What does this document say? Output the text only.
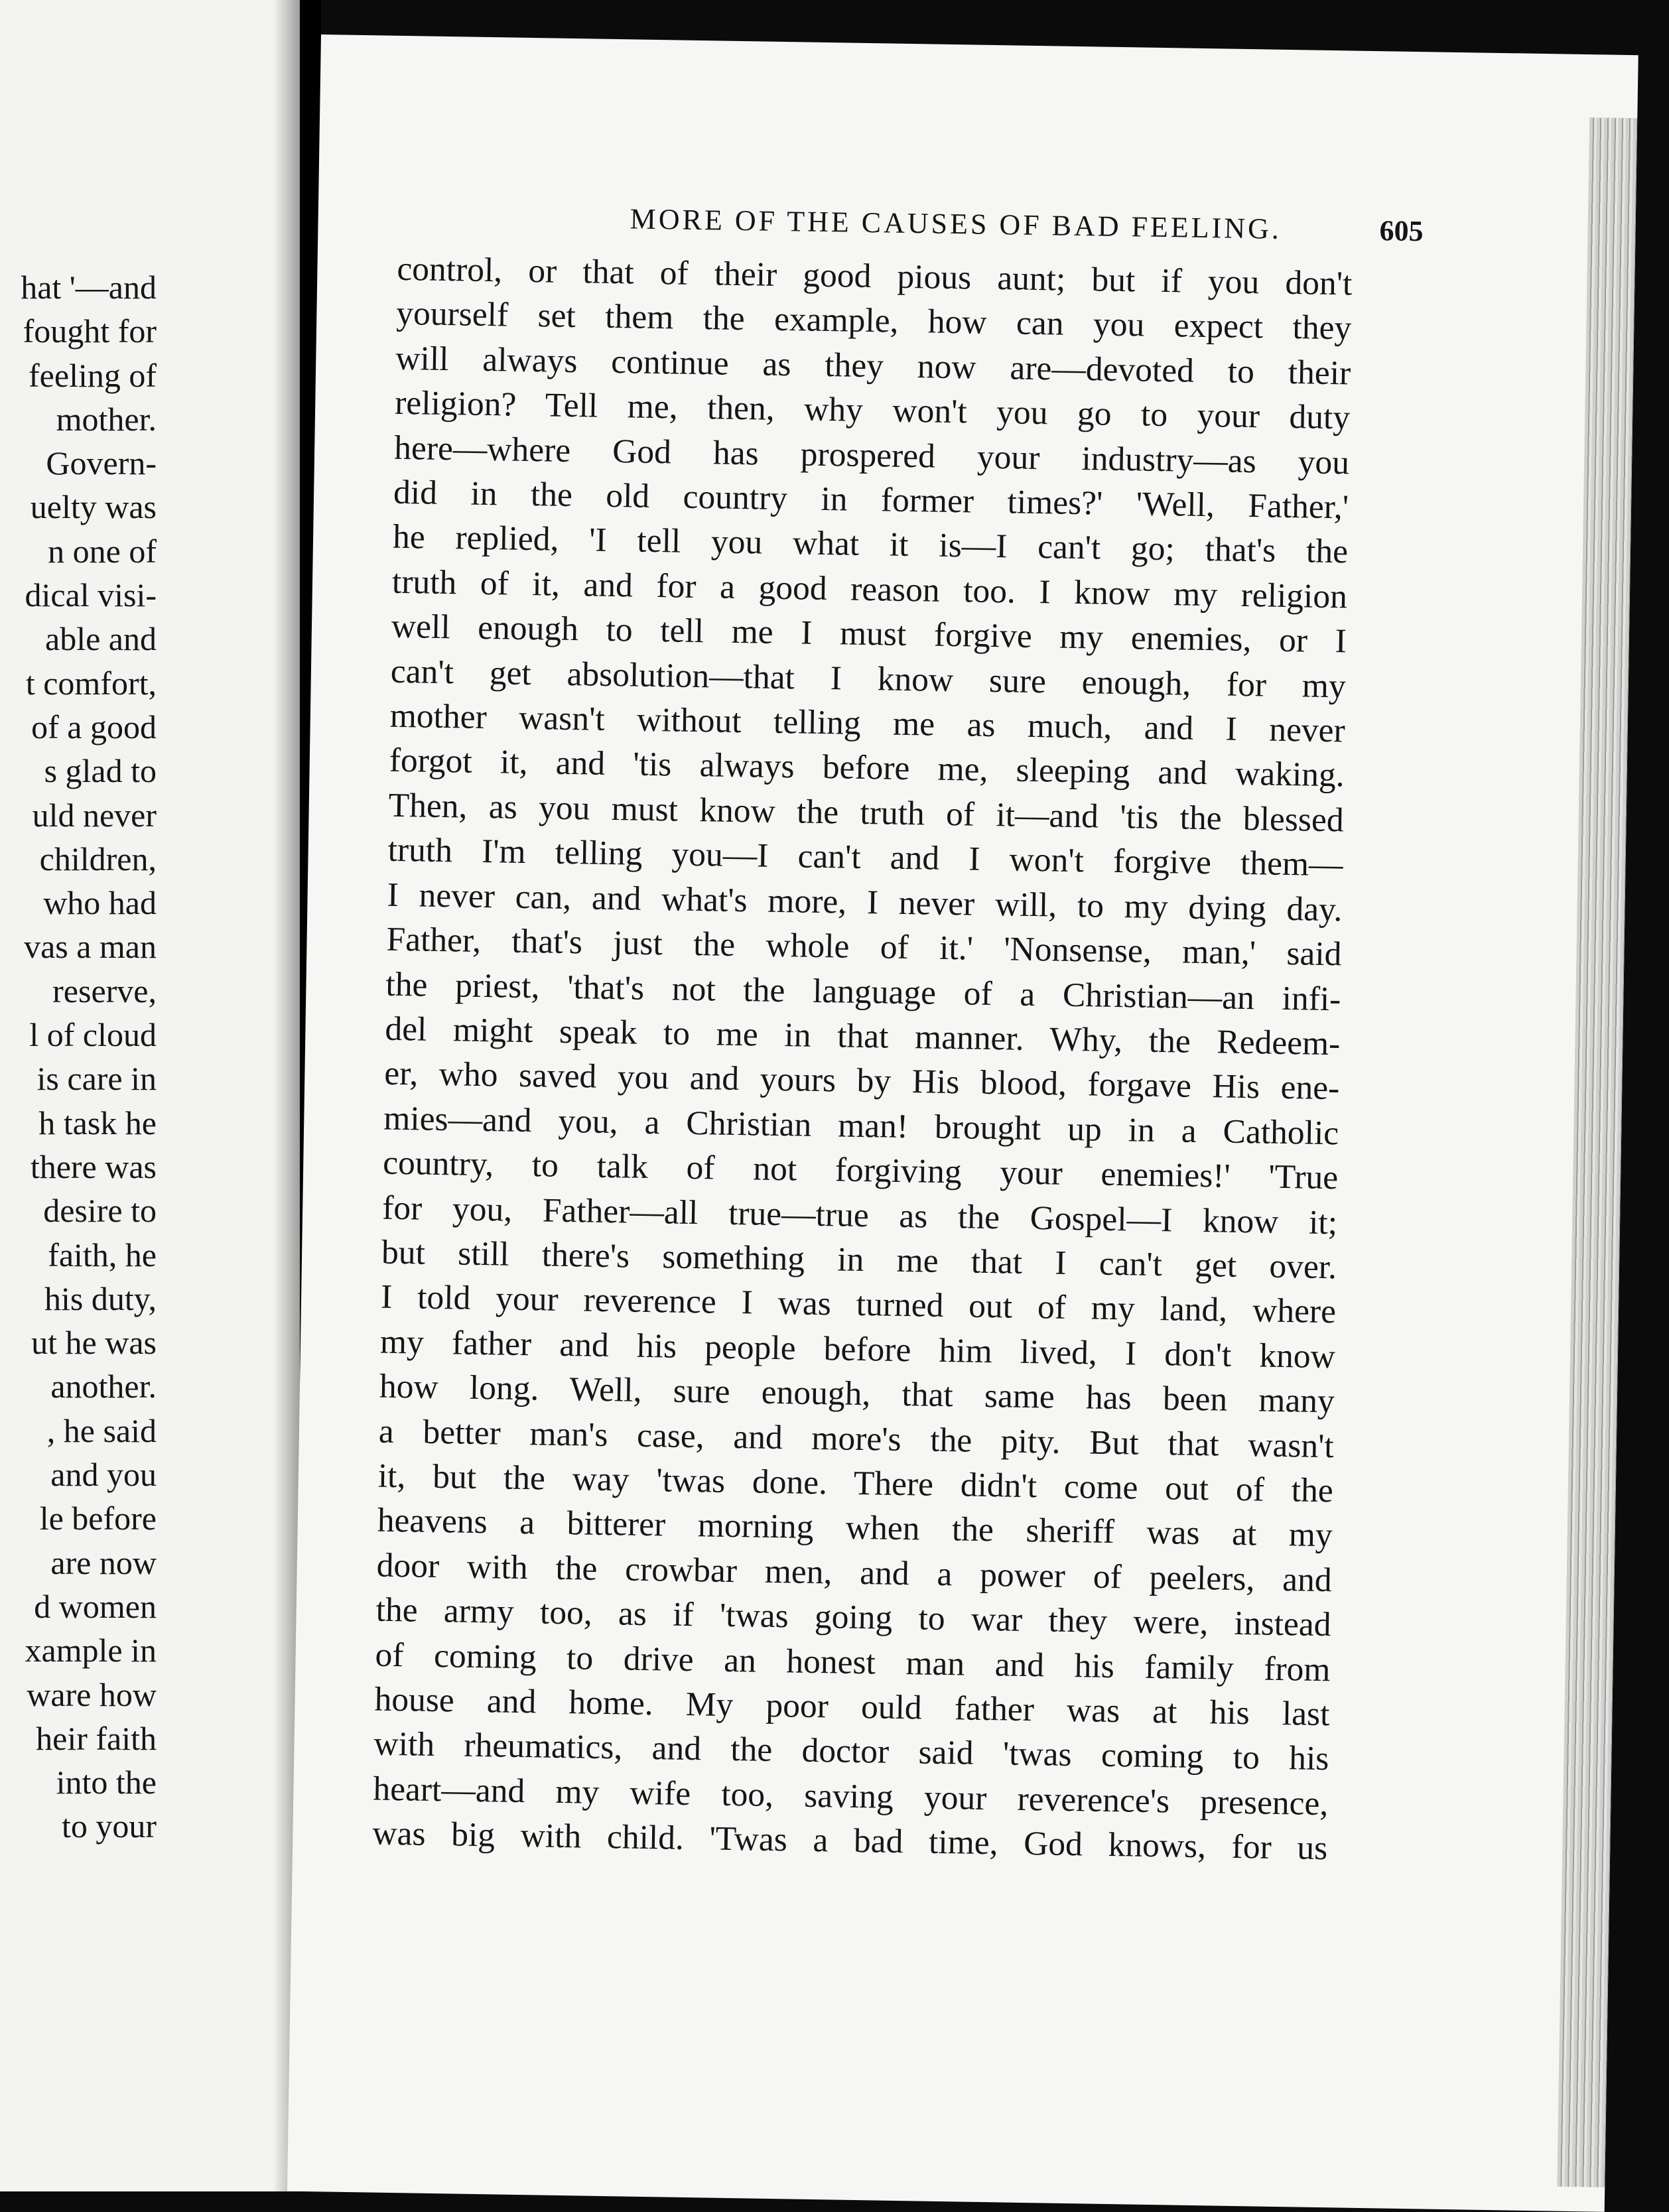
hat '—and
fought for
feeling of
mother.
Govern-
uelty was
n one of
dical visi-
able and
t comfort,
of a good
s glad to
uld never
children,
who had
vas a man
reserve,
l of cloud
is care in
h task he
there was
desire to
faith, he
his duty,
ut he was
another.
, he said
and you
le before
are now
d women
xample in
ware how
heir faith
into the
to your
MORE OF THE CAUSES OF BAD FEELING.	605
control, or that of their good pious aunt; but if you don't
yourself set them the example, how can you expect they
will always continue as they now are—devoted to their
religion? Tell me, then, why won't you go to your duty
here—where God has prospered your industry—as you
did in the old country in former times?' 'Well, Father,'
he replied, 'I tell you what it is—I can't go; that's the
truth of it, and for a good reason too. I know my religion
well enough to tell me I must forgive my enemies, or I
can't get absolution—that I know sure enough, for my
mother wasn't without telling me as much, and I never
forgot it, and 'tis always before me, sleeping and waking.
Then, as you must know the truth of it—and 'tis the blessed
truth I'm telling you—I can't and I won't forgive them—
I never can, and what's more, I never will, to my dying day.
Father, that's just the whole of it.' 'Nonsense, man,' said
the priest, 'that's not the language of a Christian—an infi-
del might speak to me in that manner. Why, the Redeem-
er, who saved you and yours by His blood, forgave His ene-
mies—and you, a Christian man! brought up in a Catholic
country, to talk of not forgiving your enemies!' 'True
for you, Father—all true—true as the Gospel—I know it;
but still there's something in me that I can't get over.
I told your reverence I was turned out of my land, where
my father and his people before him lived, I don't know
how long. Well, sure enough, that same has been many
a better man's case, and more's the pity. But that wasn't
it, but the way 'twas done. There didn't come out of the
heavens a bitterer morning when the sheriff was at my
door with the crowbar men, and a power of peelers, and
the army too, as if 'twas going to war they were, instead
of coming to drive an honest man and his family from
house and home. My poor ould father was at his last
with rheumatics, and the doctor said 'twas coming to his
heart—and my wife too, saving your reverence's presence,
was big with child. 'Twas a bad time, God knows, for us
